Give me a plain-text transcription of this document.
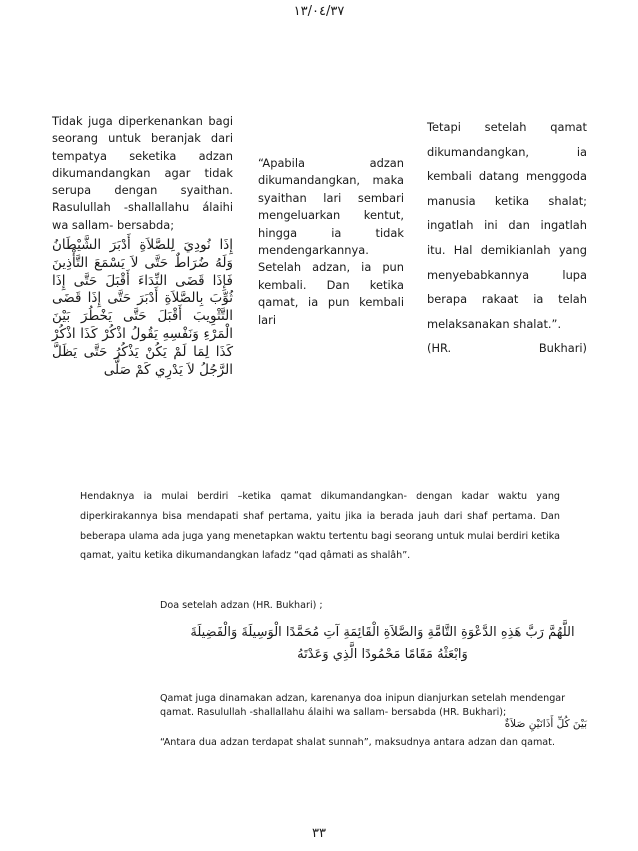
١٣/٠٤/٣٧
Tidak juga diperkenankan bagi seorang untuk beranjak dari tempatya seketika adzan dikumandangkan agar tidak serupa dengan syaithan. Rasulullah -shallallahu álaihi wa sallam- bersabda;
إِذَا نُودِيَ لِلصَّلاَةِ أَدْبَرَ الشَّيْطَانُ وَلَهُ ضُرَاطٌ حَتَّى لاَ يَسْمَعَ التَّأْذِينَ فَإِذَا قَضَى النِّدَاءَ أَقْبَلَ حَتَّى إِذَا ثُوِّبَ بِالصَّلاَةِ أَدْبَرَ حَتَّى إِذَا قَضَى التَّثْوِيبَ أَقْبَلَ حَتَّى يَخْطُرَ بَيْنَ الْمَرْءِ وَنَفْسِهِ يَقُولُ اذْكُرْ كَذَا اذْكُرْ كَذَا لِمَا لَمْ يَكُنْ يَذْكُرُ حَتَّى يَظَلَّ الرَّجُلُ لاَ يَدْرِي كَمْ صَلَّى

“Apabila adzan dikumandangkan, maka syaithan lari sembari mengeluarkan kentut, hingga ia tidak mendengarkannya. Setelah adzan, ia pun kembali. Dan ketika qamat, ia pun kembali lari

Tetapi setelah qamat dikumandangkan, ia kembali datang menggoda manusia ketika shalat; ingatlah ini dan ingatlah itu. Hal demikianlah yang menyebabkannya lupa berapa rakaat ia telah melaksanakan shalat.”.
(HR. Bukhari)
Hendaknya ia mulai berdiri –ketika qamat dikumandangkan- dengan kadar waktu yang diperkirakannya bisa mendapati shaf pertama, yaitu jika ia berada jauh dari shaf pertama. Dan beberapa ulama ada juga yang menetapkan waktu tertentu bagi seorang untuk mulai berdiri ketika qamat, yaitu ketika dikumandangkan lafadz “qad qâmati as shalâh”.
Doa setelah adzan (HR. Bukhari) ;
اللَّهُمَّ رَبَّ هَذِهِ الدَّعْوَةِ التَّامَّةِ وَالصَّلاَةِ الْقَائِمَةِ آتِ مُحَمَّدًا الْوَسِيلَةَ وَالْفَضِيلَةَ
وَابْعَثْهُ مَقَامًا مَحْمُودًا الَّذِي وَعَدْتَهُ
Qamat juga dinamakan adzan, karenanya doa inipun dianjurkan setelah mendengar qamat. Rasulullah -shallallahu álaihi wa sallam- bersabda (HR. Bukhari);
بَيْنَ كُلِّ أَذَانَيْنِ صَلاَةٌ
“Antara dua adzan terdapat shalat sunnah”, maksudnya antara adzan dan qamat.
٣٣
